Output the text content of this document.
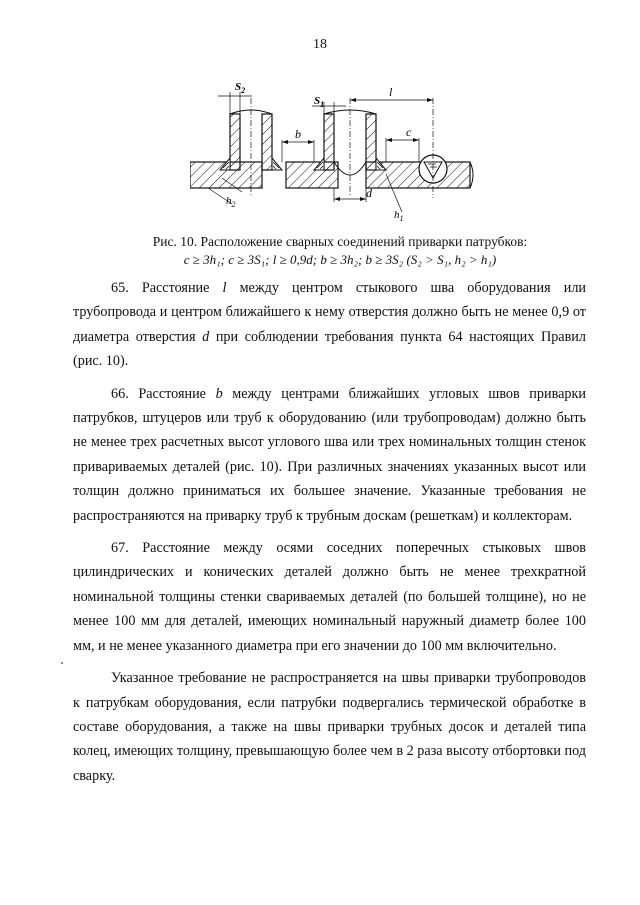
18
$S_2$
$S_1$
l
b	c
d
$h_2$
$h_1$
Рис. 10. Расположение сварных соединений приварки патрубков:
c ≥ 3h₁; c ≥ 3S₁; l ≥ 0,9d; b ≥ 3h₂; b ≥ 3S₂ (S₂ > S₁, h₂ > h₁)

65. Расстояние l между центром стыкового шва оборудования или трубопровода и центром ближайшего к нему отверстия должно быть не менее 0,9 от диаметра отверстия d при соблюдении требования пункта 64 настоящих Правил (рис. 10).

66. Расстояние b между центрами ближайших угловых швов приварки патрубков, штуцеров или труб к оборудованию (или трубопроводам) должно быть не менее трех расчетных высот углового шва или трех номинальных толщин стенок привариваемых деталей (рис. 10). При различных значениях указанных высот или толщин должно приниматься их большее значение. Указанные требования не распространяются на приварку труб к трубным доскам (решеткам) и коллекторам.

67. Расстояние между осями соседних поперечных стыковых швов цилиндрических и конических деталей должно быть не менее трехкратной номинальной толщины стенки свариваемых деталей (по большей толщине), но не менее 100 мм для деталей, имеющих номинальный наружный диаметр более 100 мм, и не менее указанного диаметра при его значении до 100 мм включительно.

Указанное требование не распространяется на швы приварки трубопроводов к патрубкам оборудования, если патрубки подвергались термической обработке в составе оборудования, а также на швы приварки трубных досок и деталей типа колец, имеющих толщину, превышающую более чем в 2 раза высоту отбортовки под сварку.
